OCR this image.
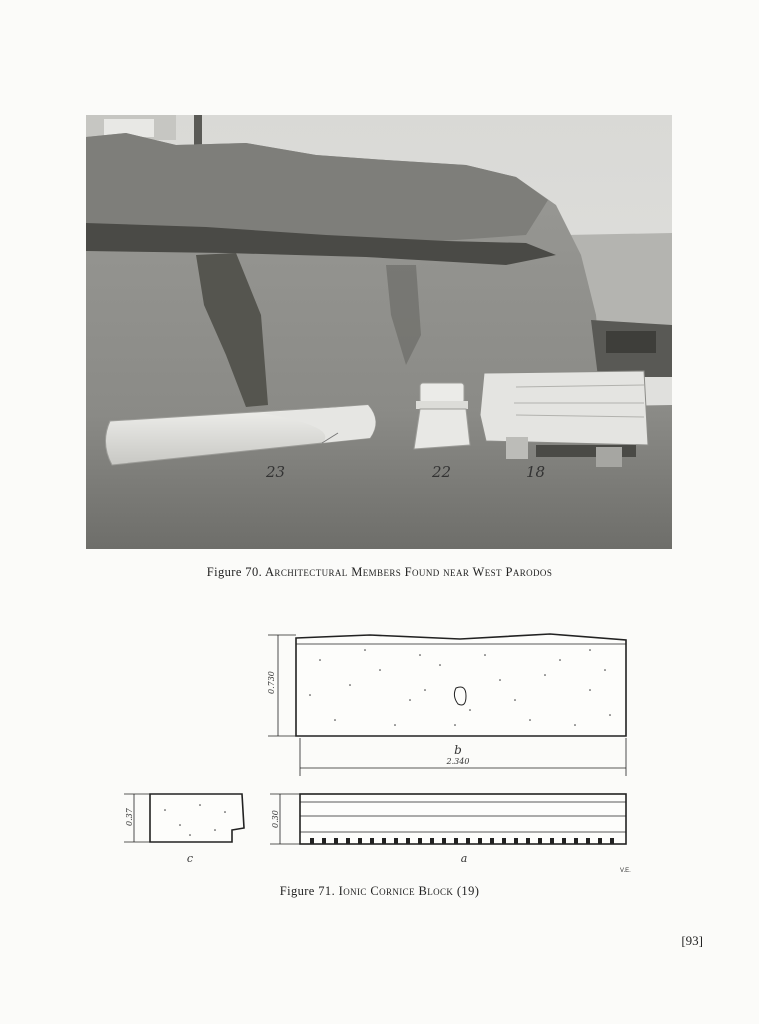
23	22	18
Figure 70. Architectural Members Found near West Parodos
b
2.340
0.730
0.37
c
0.30
a
V.E.
Figure 71. Ionic Cornice Block (19)
[93]
